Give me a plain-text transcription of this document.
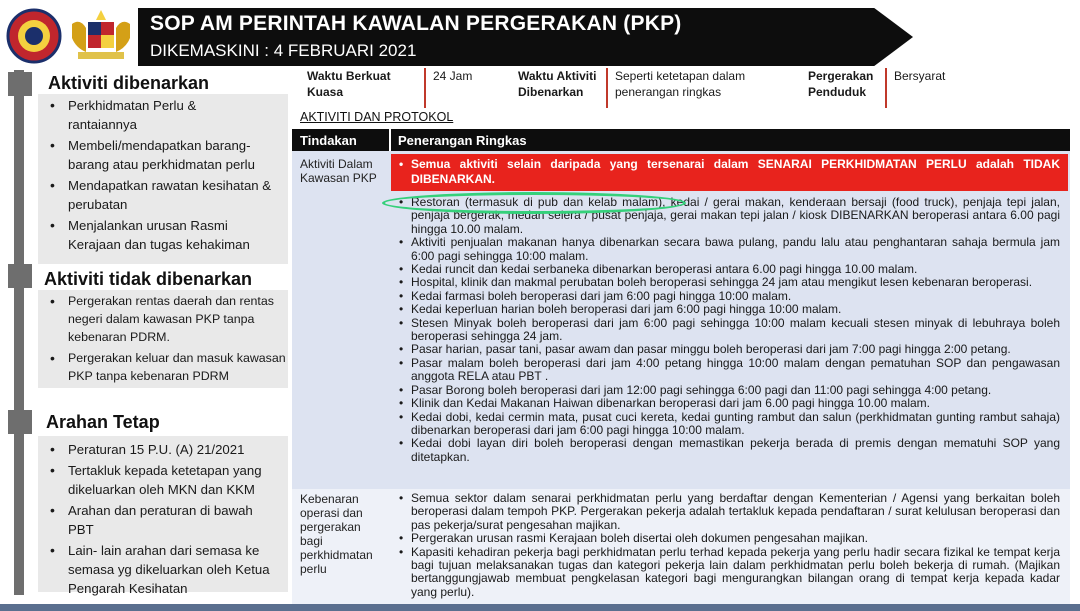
SOP AM PERINTAH KAWALAN PERGERAKAN (PKP)
DIKEMASKINI : 4 FEBRUARI 2021
Aktiviti dibenarkan
• Perkhidmatan Perlu & rantaiannya
• Membeli/mendapatkan barang-barang atau perkhidmatan perlu
• Mendapatkan rawatan kesihatan & perubatan
• Menjalankan urusan Rasmi Kerajaan dan tugas kehakiman
Aktiviti tidak dibenarkan
• Pergerakan rentas daerah dan rentas negeri dalam kawasan PKP tanpa kebenaran PDRM.
• Pergerakan keluar dan masuk kawasan PKP tanpa kebenaran PDRM
Arahan Tetap
• Peraturan 15 P.U. (A) 21/2021
• Tertakluk kepada ketetapan yang dikeluarkan oleh MKN dan KKM
• Arahan dan peraturan di bawah PBT
• Lain- lain arahan dari semasa ke semasa yg dikeluarkan oleh Ketua Pengarah Kesihatan
Waktu Berkuat Kuasa
24 Jam	Waktu Aktiviti Dibenarkan
Seperti ketetapan dalam penerangan ringkas
Pergerakan Penduduk
Bersyarat
AKTIVITI DAN PROTOKOL
Tindakan	Penerangan Ringkas
Aktiviti Dalam Kawasan PKP
• Semua aktiviti selain daripada yang tersenarai dalam SENARAI PERKHIDMATAN PERLU adalah TIDAK DIBENARKAN.
• Restoran (termasuk di pub dan kelab malam), kedai / gerai makan, kenderaan bersaji (food truck), penjaja tepi jalan, penjaja bergerak, medan selera / pusat penjaja, gerai makan tepi jalan / kiosk DIBENARKAN beroperasi antara 6.00 pagi hingga 10.00 malam.
• Aktiviti penjualan makanan hanya dibenarkan secara bawa pulang, pandu lalu atau penghantaran sahaja bermula jam 6:00 pagi sehingga 10:00 malam.
• Kedai runcit dan kedai serbaneka dibenarkan beroperasi antara 6.00 pagi hingga 10.00 malam.
• Hospital, klinik dan makmal perubatan boleh beroperasi sehingga 24 jam atau mengikut lesen kebenaran beroperasi.
• Kedai farmasi boleh beroperasi dari jam 6:00 pagi hingga 10:00 malam.
• Kedai keperluan harian boleh beroperasi dari jam 6:00 pagi hingga 10:00 malam.
• Stesen Minyak boleh beroperasi dari jam 6:00 pagi sehingga 10:00 malam kecuali stesen minyak di lebuhraya boleh beroperasi sehingga 24 jam.
• Pasar harian, pasar tani, pasar awam dan pasar minggu boleh beroperasi dari jam 7:00 pagi hingga 2:00 petang.
• Pasar malam boleh beroperasi dari jam 4:00 petang hingga 10:00 malam dengan pematuhan SOP dan pengawasan anggota RELA atau PBT .
• Pasar Borong boleh beroperasi dari jam 12:00 pagi sehingga 6:00 pagi dan 11:00 pagi sehingga 4:00 petang.
• Klinik dan Kedai Makanan Haiwan dibenarkan beroperasi dari jam 6.00 pagi hingga 10.00 malam.
• Kedai dobi, kedai cermin mata, pusat cuci kereta, kedai gunting rambut dan salun (perkhidmatan gunting rambut sahaja) dibenarkan beroperasi dari jam 6:00 pagi hingga 10:00 malam.
• Kedai dobi layan diri boleh beroperasi dengan memastikan pekerja berada di premis dengan mematuhi SOP yang ditetapkan.
Kebenaran operasi dan pergerakan bagi perkhidmatan perlu
• Semua sektor dalam senarai perkhidmatan perlu yang berdaftar dengan Kementerian / Agensi yang berkaitan boleh beroperasi dalam tempoh PKP. Pergerakan pekerja adalah tertakluk kepada pendaftaran / surat kelulusan beroperasi dan pas pekerja/surat pengesahan majikan.
• Pergerakan urusan rasmi Kerajaan boleh disertai oleh dokumen pengesahan majikan.
• Kapasiti kehadiran pekerja bagi perkhidmatan perlu terhad kepada pekerja yang perlu hadir secara fizikal ke tempat kerja bagi tujuan melaksanakan tugas dan kategori pekerja lain dalam perkhidmatan perlu boleh bekerja di rumah. (Majikan bertanggungjawab membuat pengkelasan kategori bagi mengurangkan bilangan orang di tempat kerja kepada kadar yang perlu).
